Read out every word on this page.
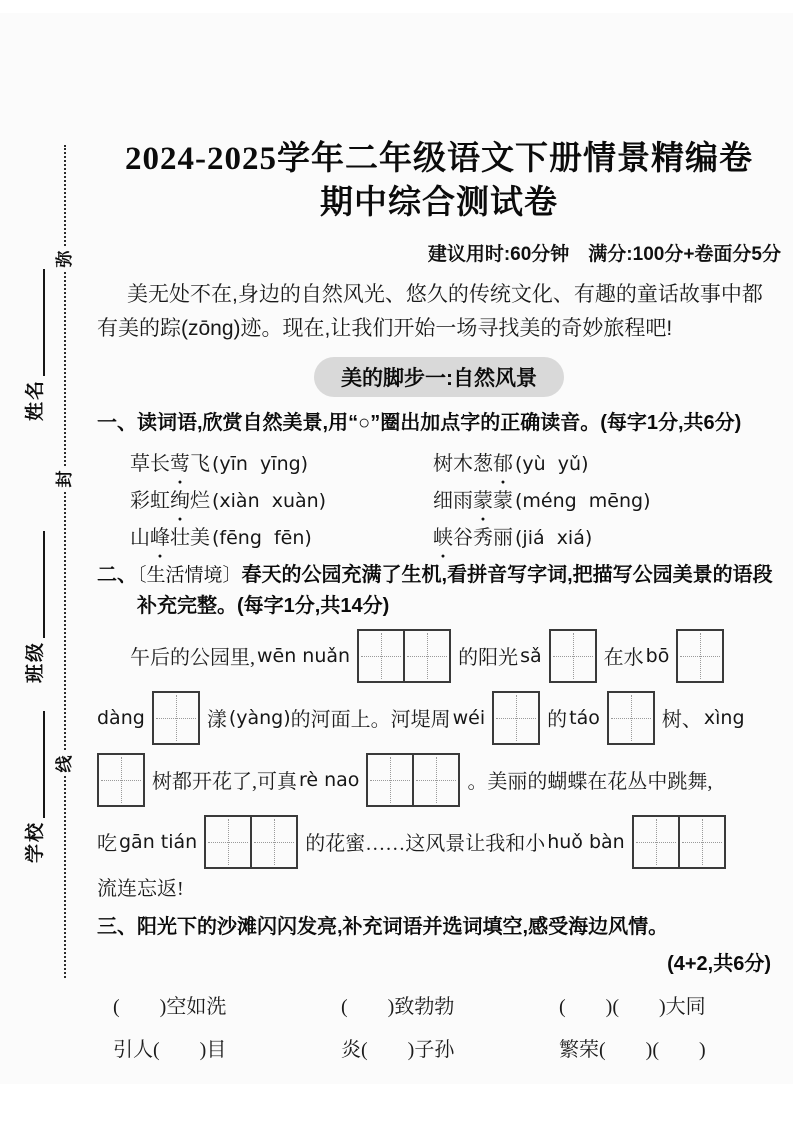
弥
封
线
姓名
班级
学校
2024-2025学年二年级语文下册情景精编卷
期中综合测试卷
建议用时:60分钟　满分:100分+卷面分5分
美无处不在,身边的自然风光、悠久的传统文化、有趣的童话故事中都
有美的踪(zōng)迹。现在,让我们开始一场寻找美的奇妙旅程吧!
美的脚步一:自然风景
一、读词语,欣赏自然美景,用“○”圈出加点字的正确读音。(每字1分,共6分)
草长莺 ●飞 (yīn  yīng)	树木葱郁 ● (yù  yǔ)
彩虹绚 ●烂 (xiàn  xuàn)	细雨蒙 ●蒙 (méng  mēng)
山峰 ●壮美 (fēng  fēn)	峡 ●谷秀丽 (jiá  xiá)
二、〔生活情境〕春天的公园充满了生机,看拼音写字词,把描写公园美景的语段
补充完整。(每字1分,共14分)
午后的公园里, wēn nuǎn	的阳光 sǎ	在水 bō
dàng	漾 (yàng) 的河面上。河堤周 wéi	的 táo	树、 xìng
树都开花了,可真 rè nao	。美丽的蝴蝶在花丛中跳舞,
吃 gān tián	的花蜜……这风景让我和小 huǒ bàn
流连忘返!
三、阳光下的沙滩闪闪发亮,补充词语并选词填空,感受海边风情。
(4+2,共6分)
(　　)空如洗	(　　)致勃勃	(　　)(　　)大同
引人(　　)目	炎(　　)子孙	繁荣(　　)(　　)
